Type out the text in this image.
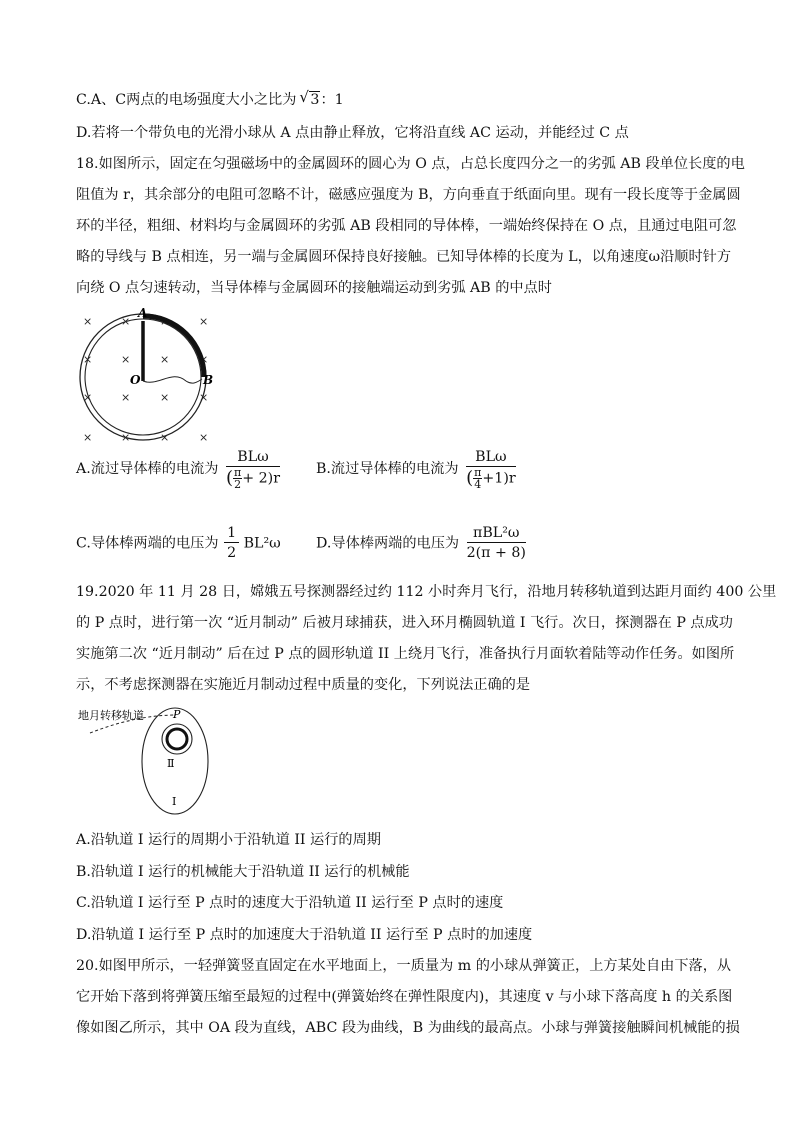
C.A、C两点的电场强度大小之比为 √ 3：1
D.若将一个带负电的光滑小球从 A 点由静止释放，它将沿直线 AC 运动，并能经过 C 点
18.如图所示，固定在匀强磁场中的金属圆环的圆心为 O 点，占总长度四分之一的劣弧 AB 段单位长度的电
阻值为 r，其余部分的电阻可忽略不计，磁感应强度为 B，方向垂直于纸面向里。现有一段长度等于金属圆
环的半径，粗细、材料均与金属圆环的劣弧 AB 段相同的导体棒，一端始终保持在 O 点，且通过电阻可忽
略的导线与 B 点相连，另一端与金属圆环保持良好接触。已知导体棒的长度为 L，以角速度ω沿顺时针方
向绕 O 点匀速转动，当导体棒与金属圆环的接触端运动到劣弧 AB 的中点时
×	×	×	×
×	×	×	×
×	×	×	×
×	×	×	×
A
O	B
A.流过导体棒的电流为 $\frac{\text{BLω}}{( \frac{\pi}{2} + 2)r}$	B.流过导体棒的电流为 $\frac{\text{BLω}}{( \frac{\pi}{4} +1)r}$
C.导体棒两端的电压为 $\frac{1}{2} BL^2\omega$ D.导体棒两端的电压为 $\frac{\text{πBL²ω}}{2(\pi + 8)}$
19.2020 年 11 月 28 日，嫦娥五号探测器经过约 112 小时奔月飞行，沿地月转移轨道到达距月面约 400 公里
的 P 点时，进行第一次 “近月制动” 后被月球捕获，进入环月椭圆轨道 I 飞行。次日，探测器在 P 点成功
实施第二次 “近月制动” 后在过 P 点的圆形轨道 II 上绕月飞行，准备执行月面软着陆等动作任务。如图所
示，不考虑探测器在实施近月制动过程中质量的变化，下列说法正确的是
地月转移轨道	P
Ⅱ
I
A.沿轨道 I 运行的周期小于沿轨道 II 运行的周期
B.沿轨道 I 运行的机械能大于沿轨道 II 运行的机械能
C.沿轨道 I 运行至 P 点时的速度大于沿轨道 II 运行至 P 点时的速度
D.沿轨道 I 运行至 P 点时的加速度大于沿轨道 II 运行至 P 点时的加速度
20.如图甲所示，一轻弹簧竖直固定在水平地面上，一质量为 m 的小球从弹簧正，上方某处自由下落，从
它开始下落到将弹簧压缩至最短的过程中(弹簧始终在弹性限度内)，其速度 v 与小球下落高度 h 的关系图
像如图乙所示，其中 OA 段为直线，ABC 段为曲线，B 为曲线的最高点。小球与弹簧接触瞬间机械能的损
